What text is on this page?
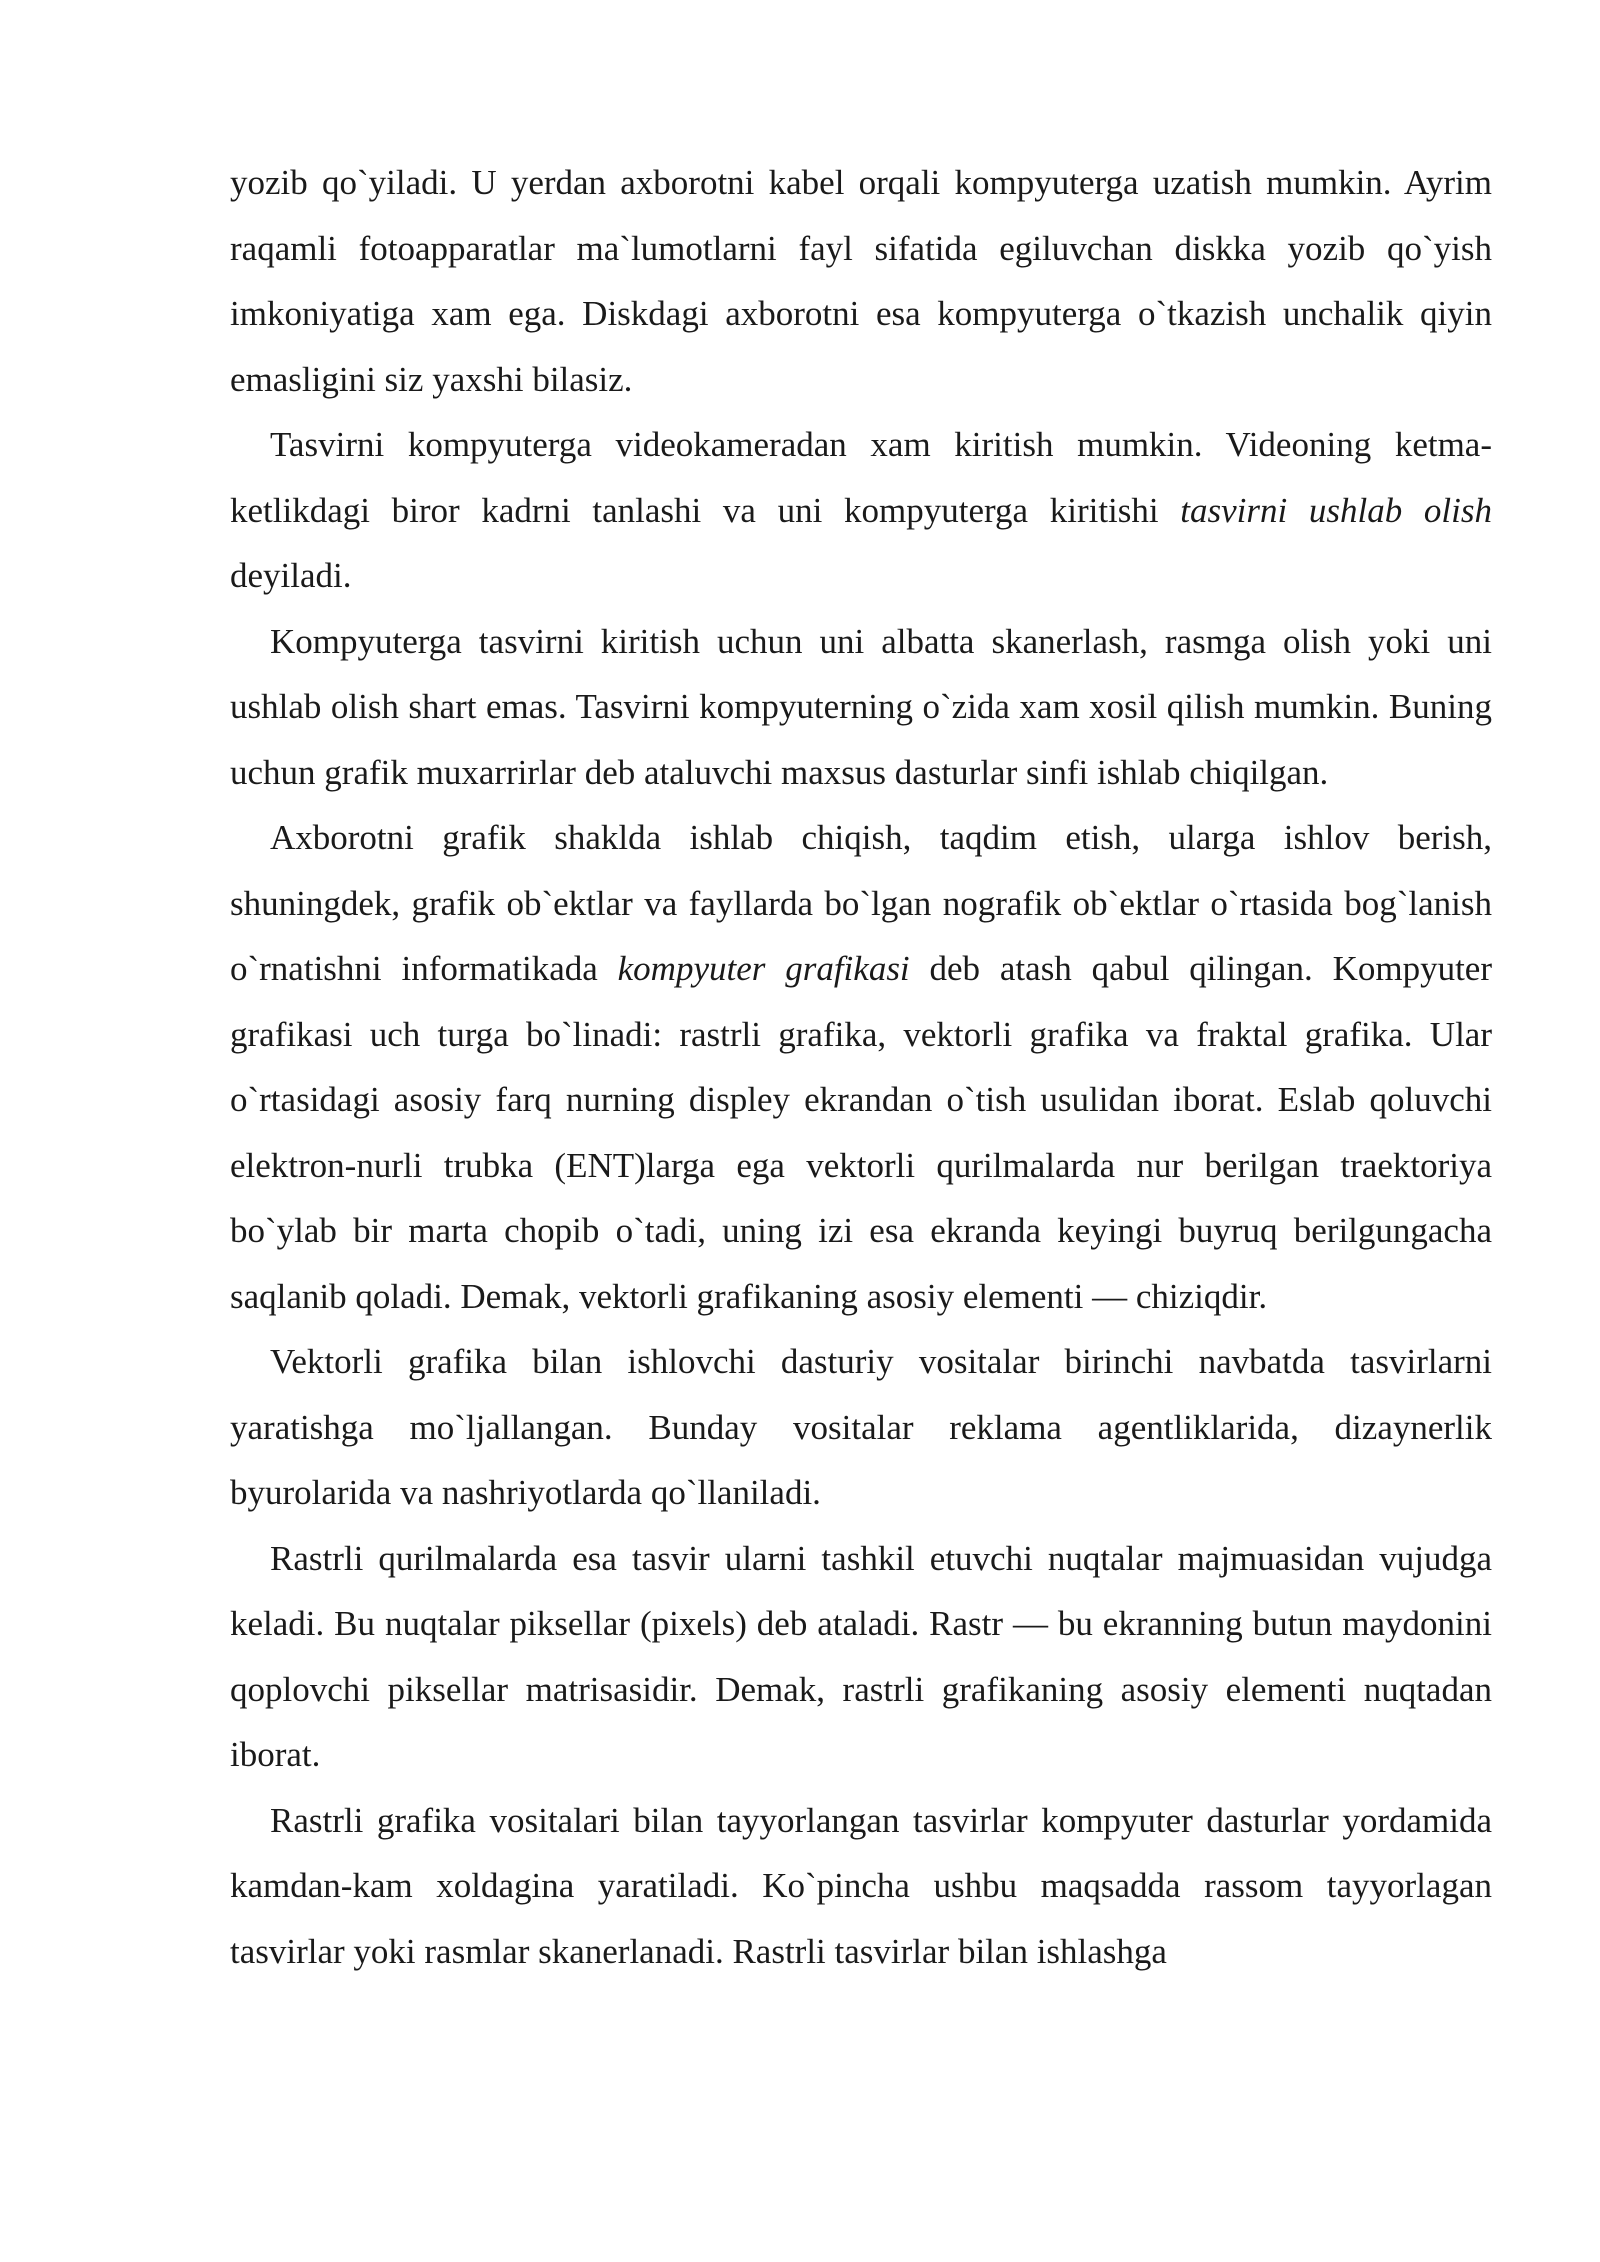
yozib qo`yiladi. U yerdan axborotni kabel orqali kompyuterga uzatish mumkin. Ayrim raqamli fotoapparatlar ma`lumotlarni fayl sifatida egiluvchan diskka yozib qo`yish imkoniyatiga xam ega. Diskdagi axborotni esa kompyuterga o`tkazish unchalik qiyin emasligini siz yaxshi bilasiz.

Tasvirni kompyuterga videokameradan xam kiritish mumkin. Videoning ketma-ketlikdagi biror kadrni tanlashi va uni kompyuterga kiritishi tasvirni ushlab olish deyiladi.

Kompyuterga tasvirni kiritish uchun uni albatta skanerlash, rasmga olish yoki uni ushlab olish shart emas. Tasvirni kompyuterning o`zida xam xosil qilish mumkin. Buning uchun grafik muxarrirlar deb ataluvchi maxsus dasturlar sinfi ishlab chiqilgan.

Axborotni grafik shaklda ishlab chiqish, taqdim etish, ularga ishlov berish, shuningdek, grafik ob`ektlar va fayllarda bo`lgan nografik ob`ektlar o`rtasida bog`lanish o`rnatishni informatikada kompyuter grafikasi deb atash qabul qilingan. Kompyuter grafikasi uch turga bo`linadi: rastrli grafika, vektorli grafika va fraktal grafika. Ular o`rtasidagi asosiy farq nurning displey ekrandan o`tish usulidan iborat. Eslab qoluvchi elektron-nurli trubka (ENT)larga ega vektorli qurilmalarda nur berilgan traektoriya bo`ylab bir marta chopib o`tadi, uning izi esa ekranda keyingi buyruq berilgungacha saqlanib qoladi. Demak, vektorli grafikaning asosiy elementi — chiziqdir.

Vektorli grafika bilan ishlovchi dasturiy vositalar birinchi navbatda tasvirlarni yaratishga mo`ljallangan. Bunday vositalar reklama agentliklarida, dizaynerlik byurolarida va nashriyotlarda qo`llaniladi.

Rastrli qurilmalarda esa tasvir ularni tashkil etuvchi nuqtalar majmuasidan vujudga keladi. Bu nuqtalar piksellar (pixels) deb ataladi. Rastr — bu ekranning butun maydonini qoplovchi piksellar matrisasidir. Demak, rastrli grafikaning asosiy elementi nuqtadan iborat.

Rastrli grafika vositalari bilan tayyorlangan tasvirlar kompyuter dasturlar yordamida kamdan-kam xoldagina yaratiladi. Ko`pincha ushbu maqsadda rassom tayyorlagan tasvirlar yoki rasmlar skanerlanadi. Rastrli tasvirlar bilan ishlashga
